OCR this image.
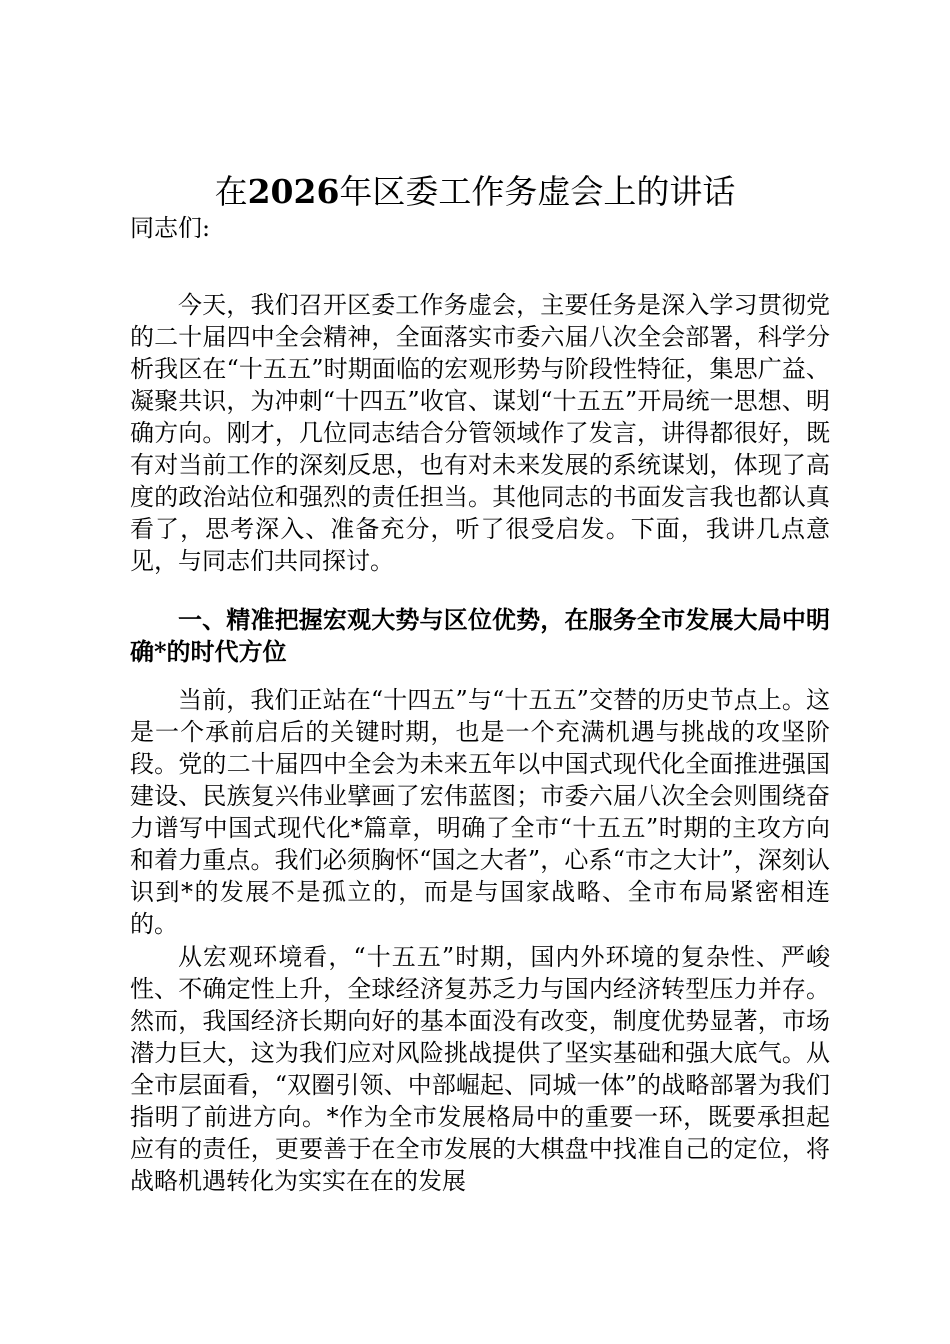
在2026年区委工作务虚会上的讲话

同志们:

今天，我们召开区委工作务虚会，主要任务是深入学习贯彻党的二十届四中全会精神，全面落实市委六届八次全会部署，科学分析我区在“十五五”时期面临的宏观形势与阶段性特征，集思广益、凝聚共识，为冲刺“十四五”收官、谋划“十五五”开局统一思想、明确方向。刚才，几位同志结合分管领域作了发言，讲得都很好，既有对当前工作的深刻反思，也有对未来发展的系统谋划，体现了高度的政治站位和强烈的责任担当。其他同志的书面发言我也都认真看了，思考深入、准备充分，听了很受启发。下面，我讲几点意见，与同志们共同探讨。

一、精准把握宏观大势与区位优势，在服务全市发展大局中明确*的时代方位

当前，我们正站在“十四五”与“十五五”交替的历史节点上。这是一个承前启后的关键时期，也是一个充满机遇与挑战的攻坚阶段。党的二十届四中全会为未来五年以中国式现代化全面推进强国建设、民族复兴伟业擘画了宏伟蓝图；市委六届八次全会则围绕奋力谱写中国式现代化*篇章，明确了全市“十五五”时期的主攻方向和着力重点。我们必须胸怀“国之大者”，心系“市之大计”，深刻认识到*的发展不是孤立的，而是与国家战略、全市布局紧密相连的。

从宏观环境看，“十五五”时期，国内外环境的复杂性、严峻性、不确定性上升，全球经济复苏乏力与国内经济转型压力并存。然而，我国经济长期向好的基本面没有改变，制度优势显著，市场潜力巨大，这为我们应对风险挑战提供了坚实基础和强大底气。从全市层面看，“双圈引领、中部崛起、同城一体”的战略部署为我们指明了前进方向。*作为全市发展格局中的重要一环，既要承担起应有的责任，更要善于在全市发展的大棋盘中找准自己的定位，将战略机遇转化为实实在在的发展
